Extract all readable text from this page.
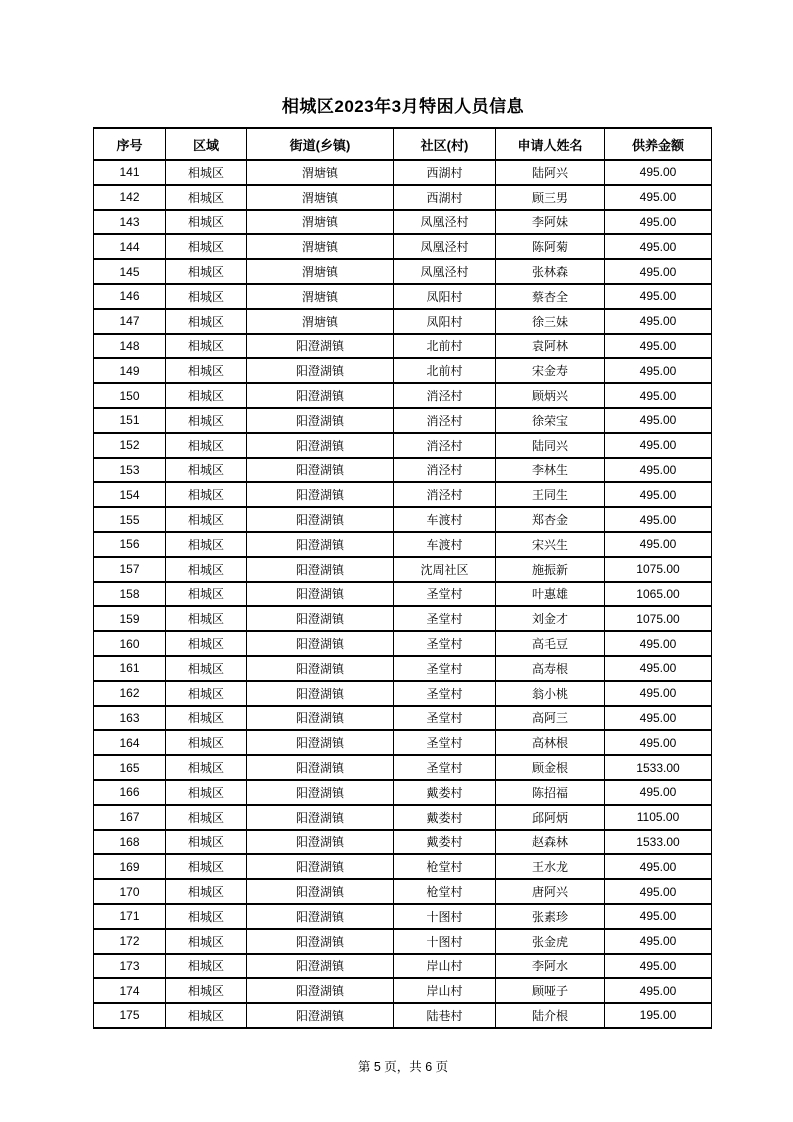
相城区2023年3月特困人员信息
序号	区域	街道(乡镇)	社区(村)	申请人姓名	供养金额
141	相城区	渭塘镇	西湖村	陆阿兴	495.00
142	相城区	渭塘镇	西湖村	顾三男	495.00
143	相城区	渭塘镇	凤凰泾村	李阿妹	495.00
144	相城区	渭塘镇	凤凰泾村	陈阿菊	495.00
145	相城区	渭塘镇	凤凰泾村	张林森	495.00
146	相城区	渭塘镇	凤阳村	蔡杏全	495.00
147	相城区	渭塘镇	凤阳村	徐三妹	495.00
148	相城区	阳澄湖镇	北前村	袁阿林	495.00
149	相城区	阳澄湖镇	北前村	宋金寿	495.00
150	相城区	阳澄湖镇	消泾村	顾炳兴	495.00
151	相城区	阳澄湖镇	消泾村	徐荣宝	495.00
152	相城区	阳澄湖镇	消泾村	陆同兴	495.00
153	相城区	阳澄湖镇	消泾村	李林生	495.00
154	相城区	阳澄湖镇	消泾村	王同生	495.00
155	相城区	阳澄湖镇	车渡村	郑杏金	495.00
156	相城区	阳澄湖镇	车渡村	宋兴生	495.00
157	相城区	阳澄湖镇	沈周社区	施振新	1075.00
158	相城区	阳澄湖镇	圣堂村	叶惠雄	1065.00
159	相城区	阳澄湖镇	圣堂村	刘金才	1075.00
160	相城区	阳澄湖镇	圣堂村	高毛豆	495.00
161	相城区	阳澄湖镇	圣堂村	高寿根	495.00
162	相城区	阳澄湖镇	圣堂村	翁小桃	495.00
163	相城区	阳澄湖镇	圣堂村	高阿三	495.00
164	相城区	阳澄湖镇	圣堂村	高林根	495.00
165	相城区	阳澄湖镇	圣堂村	顾金根	1533.00
166	相城区	阳澄湖镇	戴娄村	陈招福	495.00
167	相城区	阳澄湖镇	戴娄村	邱阿炳	1105.00
168	相城区	阳澄湖镇	戴娄村	赵森林	1533.00
169	相城区	阳澄湖镇	枪堂村	王水龙	495.00
170	相城区	阳澄湖镇	枪堂村	唐阿兴	495.00
171	相城区	阳澄湖镇	十图村	张素珍	495.00
172	相城区	阳澄湖镇	十图村	张金虎	495.00
173	相城区	阳澄湖镇	岸山村	李阿水	495.00
174	相城区	阳澄湖镇	岸山村	顾哑子	495.00
175	相城区	阳澄湖镇	陆巷村	陆介根	195.00
第 5 页，共 6 页
